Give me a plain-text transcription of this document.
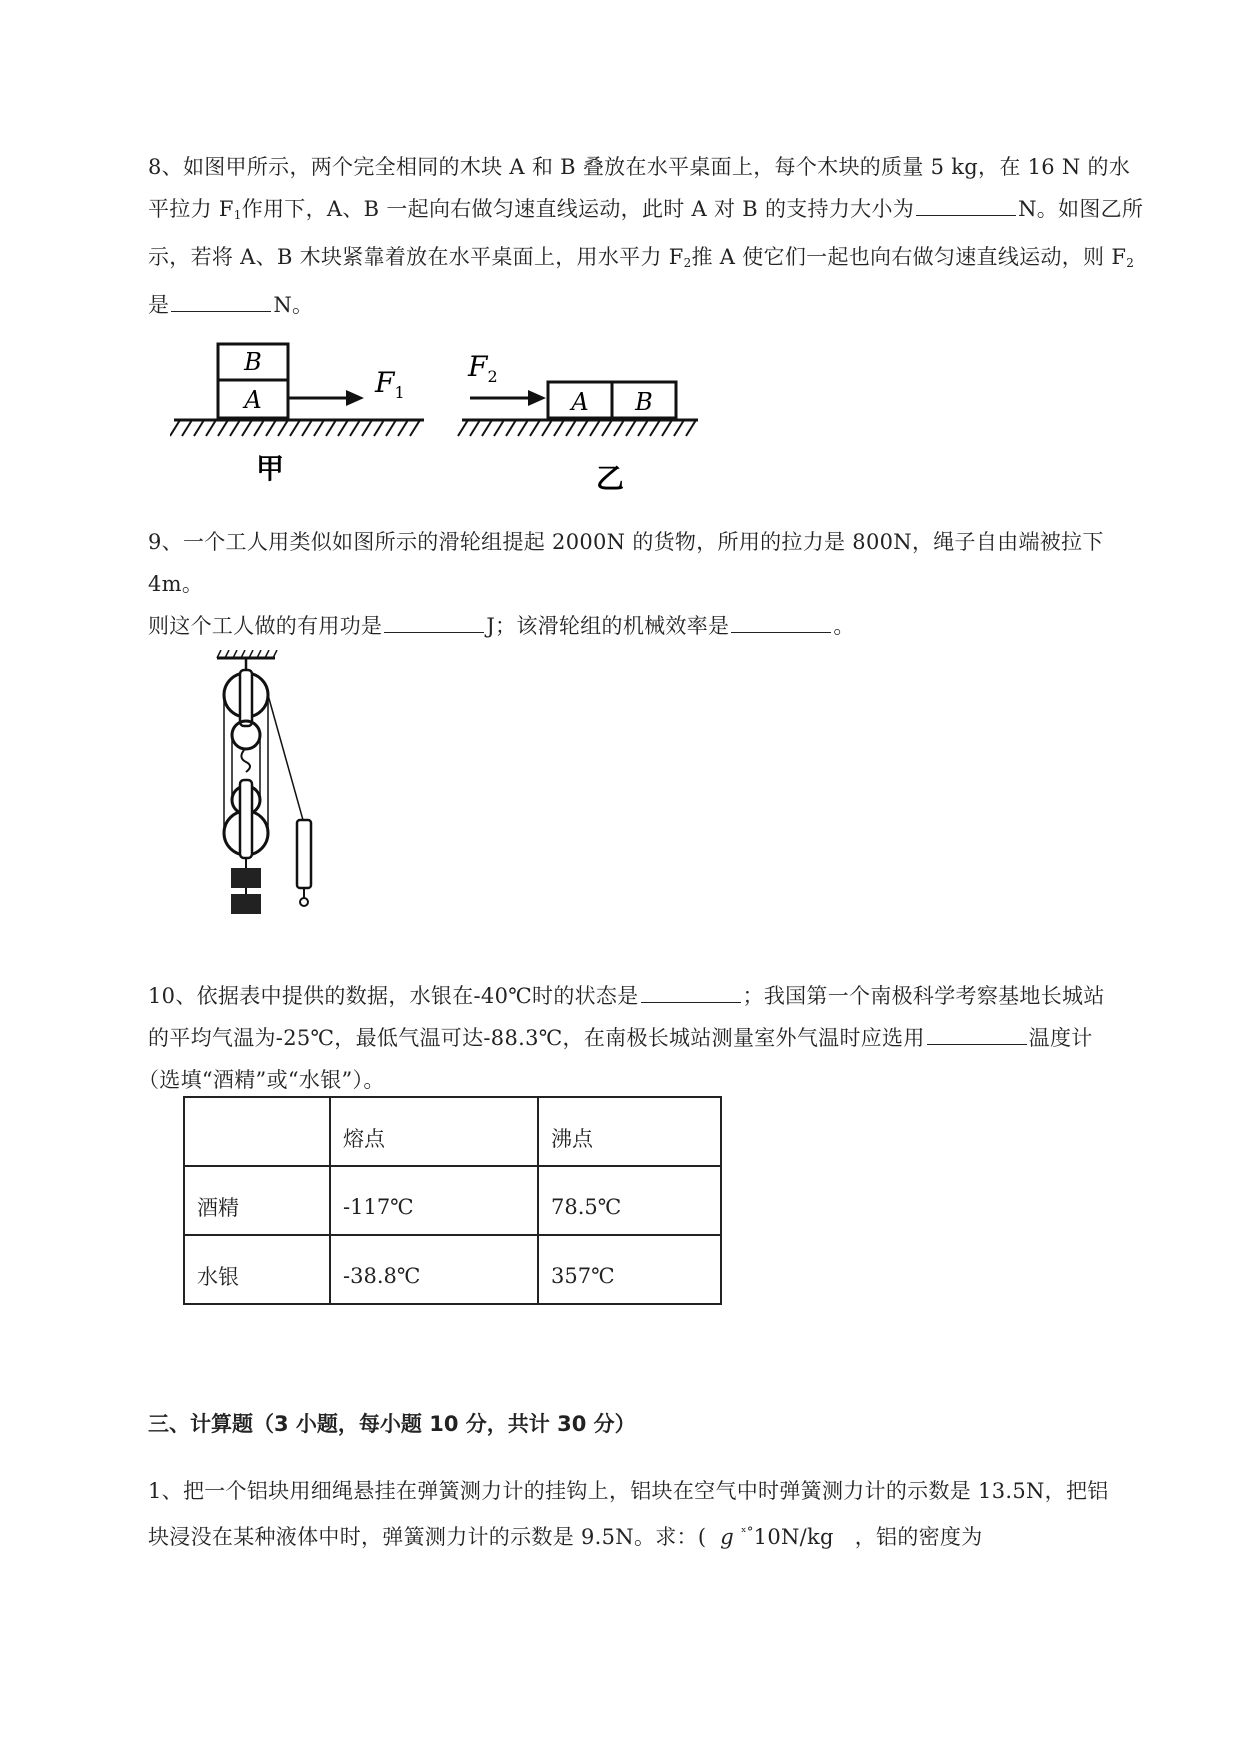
8、如图甲所示，两个完全相同的木块 A 和 B 叠放在水平桌面上，每个木块的质量 5 kg，在 16 N 的水
平拉力 $F_1$作用下，A、B 一起向右做匀速直线运动，此时 A 对 B 的支持力大小为	N。如图乙所
示，若将 A、B 木块紧靠着放在水平桌面上，用水平力 $F_2$推 A 使它们一起也向右做匀速直线运动，则 $F_2$
是	N。
B
A
$F_1$
甲
$F_2$
A B
乙
9、一个工人用类似如图所示的滑轮组提起 2000N 的货物，所用的拉力是 800N，绳子自由端被拉下 4m。
则这个工人做的有用功是	J；该滑轮组的机械效率是	。
10、依据表中提供的数据，水银在-40℃时的状态是	；我国第一个南极科学考察基地长城站
的平均气温为-25℃，最低气温可达-88.3℃，在南极长城站测量室外气温时应选用	温度计
（选填“酒精”或“水银”）。
	熔点	沸点
酒精	-117℃	78.5℃
水银	-38.8℃	357℃
三、计算题（3 小题，每小题 10 分，共计 30 分）
1、把一个铝块用细绳悬挂在弹簧测力计的挂钩上，铝块在空气中时弹簧测力计的示数是 13.5N，把铝
块浸没在某种液体中时，弹簧测力计的示数是 9.5N。求：( g $^{ˣ^\circ}$10N/kg ，铝的密度为
